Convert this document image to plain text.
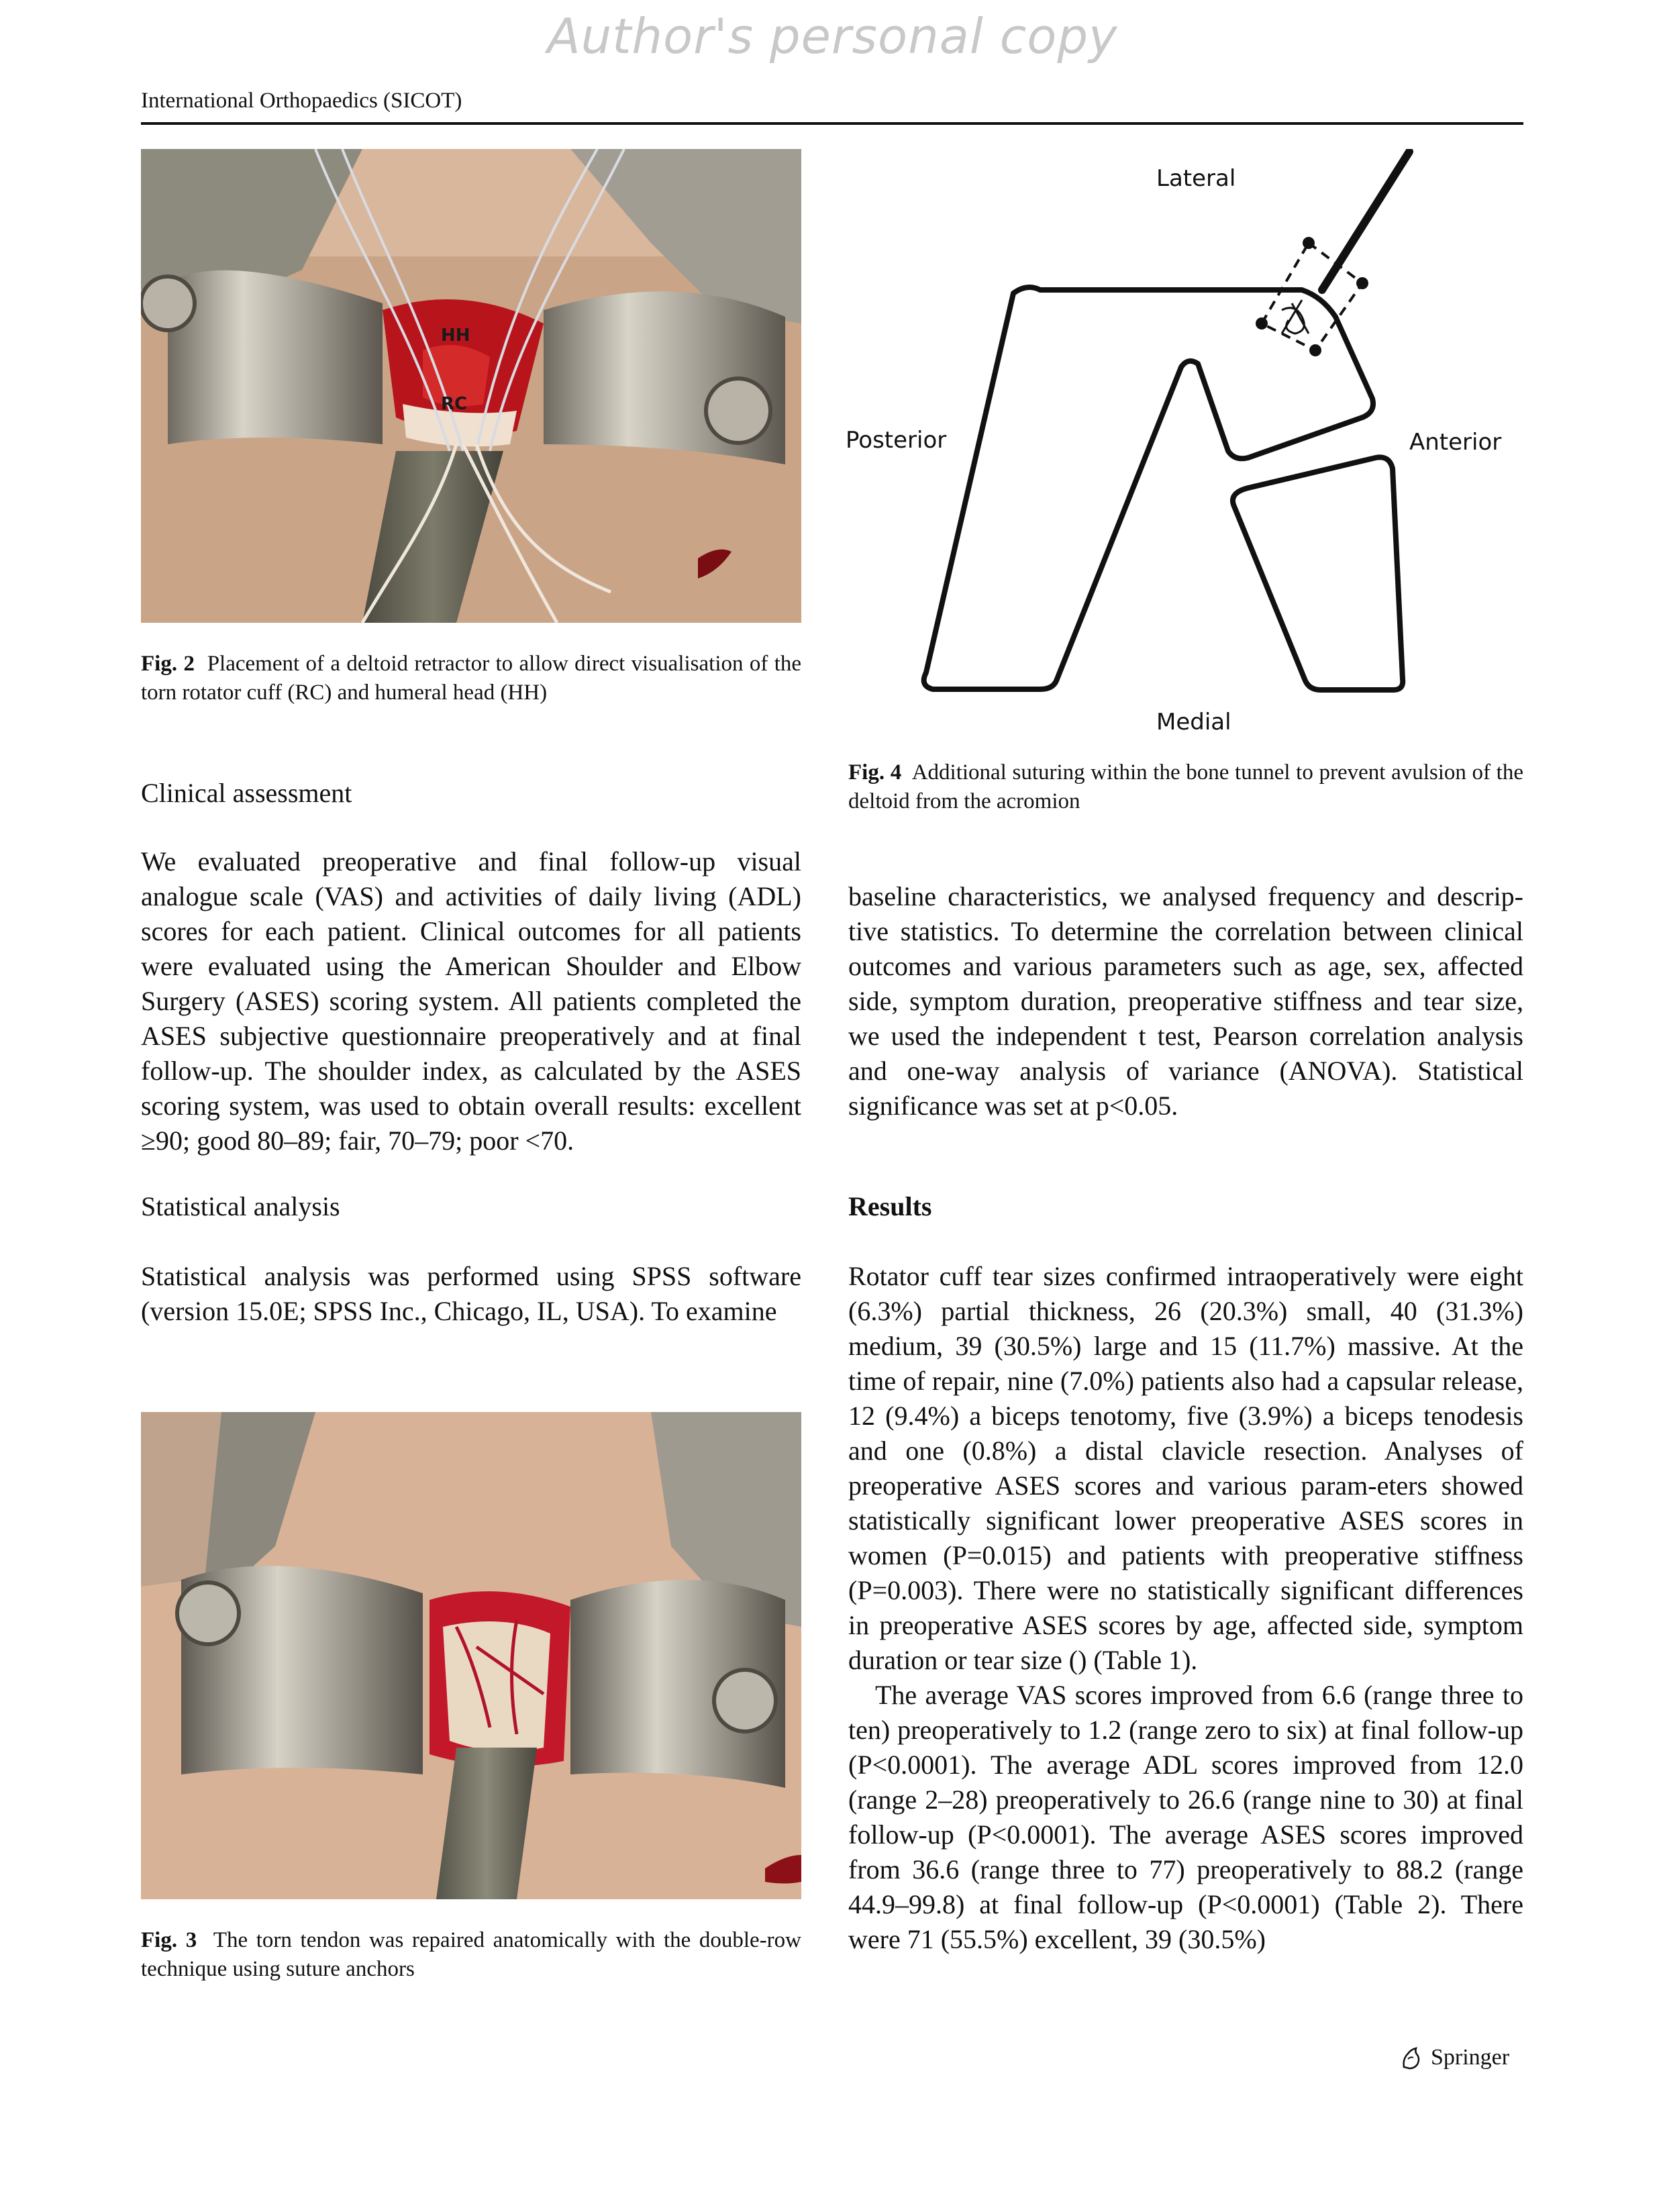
Author's personal copy
International Orthopaedics (SICOT)
RC
HH
Fig. 2 Placement of a deltoid retractor to allow direct visualisation of the torn rotator cuff (RC) and humeral head (HH)
Lateral
Posterior	Anterior
Medial
Fig. 4 Additional suturing within the bone tunnel to prevent avulsion of the deltoid from the acromion
Clinical assessment

We evaluated preoperative and final follow-up visual analogue scale (VAS) and activities of daily living (ADL) scores for each patient. Clinical outcomes for all patients were evaluated using the American Shoulder and Elbow Surgery (ASES) scoring system. All patients completed the ASES subjective questionnaire preoperatively and at final follow-up. The shoulder index, as calculated by the ASES scoring system, was used to obtain overall results: excellent ≥90; good 80–89; fair, 70–79; poor <70.

Statistical analysis

Statistical analysis was performed using SPSS software (version 15.0E; SPSS Inc., Chicago, IL, USA). To examine

Fig. 3 The torn tendon was repaired anatomically with the double-row technique using suture anchors

baseline characteristics, we analysed frequency and descrip-tive statistics. To determine the correlation between clinical outcomes and various parameters such as age, sex, affected side, symptom duration, preoperative stiffness and tear size, we used the independent t test, Pearson correlation analysis and one-way analysis of variance (ANOVA). Statistical significance was set at p<0.05.

Results

Rotator cuff tear sizes confirmed intraoperatively were eight (6.3%) partial thickness, 26 (20.3%) small, 40 (31.3%) medium, 39 (30.5%) large and 15 (11.7%) massive. At the time of repair, nine (7.0%) patients also had a capsular release, 12 (9.4%) a biceps tenotomy, five (3.9%) a biceps tenodesis and one (0.8%) a distal clavicle resection. Analyses of preoperative ASES scores and various param-eters showed statistically significant lower preoperative ASES scores in women (P=0.015) and patients with preoperative stiffness (P=0.003). There were no statistically significant differences in preoperative ASES scores by age, affected side, symptom duration or tear size () (Table 1).

The average VAS scores improved from 6.6 (range three to ten) preoperatively to 1.2 (range zero to six) at final follow-up (P<0.0001). The average ADL scores improved from 12.0 (range 2–28) preoperatively to 26.6 (range nine to 30) at final follow-up (P<0.0001). The average ASES scores improved from 36.6 (range three to 77) preoperatively to 88.2 (range 44.9–99.8) at final follow-up (P<0.0001) (Table 2). There were 71 (55.5%) excellent, 39 (30.5%)

Springer
